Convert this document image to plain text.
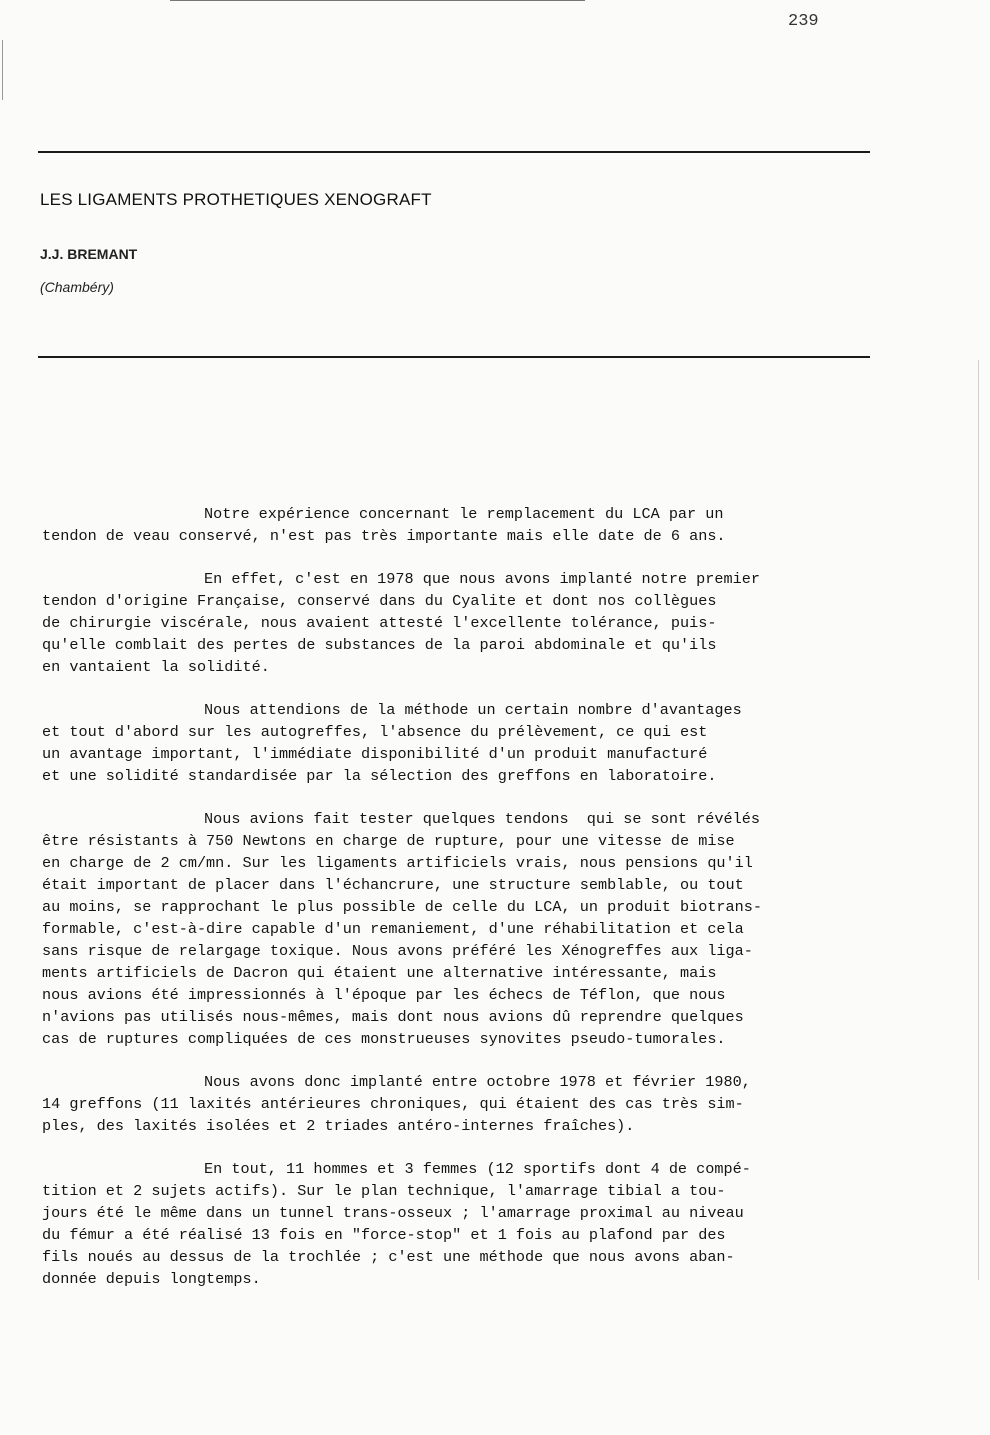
239
LES LIGAMENTS PROTHETIQUES XENOGRAFT
J.J. BREMANT
(Chambéry)

Notre expérience concernant le remplacement du LCA par un
tendon de veau conservé, n'est pas très importante mais elle date de 6 ans.

En effet, c'est en 1978 que nous avons implanté notre premier
tendon d'origine Française, conservé dans du Cyalite et dont nos collègues
de chirurgie viscérale, nous avaient attesté l'excellente tolérance, puis-
qu'elle comblait des pertes de substances de la paroi abdominale et qu'ils
en vantaient la solidité.

Nous attendions de la méthode un certain nombre d'avantages
et tout d'abord sur les autogreffes, l'absence du prélèvement, ce qui est
un avantage important, l'immédiate disponibilité d'un produit manufacturé
et une solidité standardisée par la sélection des greffons en laboratoire.

Nous avions fait tester quelques tendons  qui se sont révélés
être résistants à 750 Newtons en charge de rupture, pour une vitesse de mise
en charge de 2 cm/mn. Sur les ligaments artificiels vrais, nous pensions qu'il
était important de placer dans l'échancrure, une structure semblable, ou tout
au moins, se rapprochant le plus possible de celle du LCA, un produit biotrans-
formable, c'est-à-dire capable d'un remaniement, d'une réhabilitation et cela
sans risque de relargage toxique. Nous avons préféré les Xénogreffes aux liga-
ments artificiels de Dacron qui étaient une alternative intéressante, mais
nous avions été impressionnés à l'époque par les échecs de Téflon, que nous
n'avions pas utilisés nous-mêmes, mais dont nous avions dû reprendre quelques
cas de ruptures compliquées de ces monstrueuses synovites pseudo-tumorales.

Nous avons donc implanté entre octobre 1978 et février 1980,
14 greffons (11 laxités antérieures chroniques, qui étaient des cas très sim-
ples, des laxités isolées et 2 triades antéro-internes fraîches).

En tout, 11 hommes et 3 femmes (12 sportifs dont 4 de compé-
tition et 2 sujets actifs). Sur le plan technique, l'amarrage tibial a tou-
jours été le même dans un tunnel trans-osseux ; l'amarrage proximal au niveau
du fémur a été réalisé 13 fois en "force-stop" et 1 fois au plafond par des
fils noués au dessus de la trochlée ; c'est une méthode que nous avons aban-
donnée depuis longtemps.
